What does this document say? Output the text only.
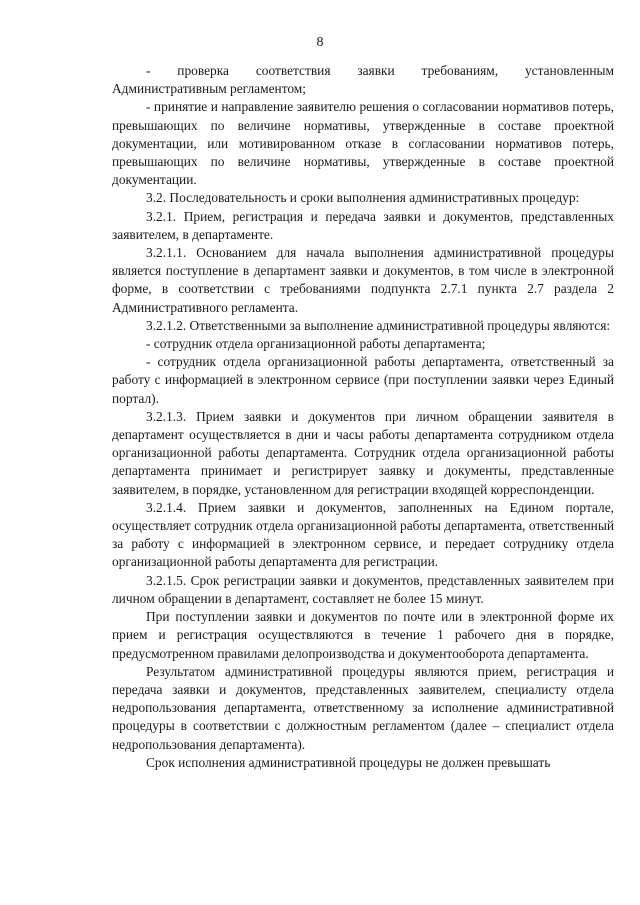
8

- проверка соответствия заявки требованиям, установленным Административным регламентом;

- принятие и направление заявителю решения о согласовании нормативов потерь, превышающих по величине нормативы, утвержденные в составе проектной документации, или мотивированном отказе в согласовании нормативов потерь, превышающих по величине нормативы, утвержденные в составе проектной документации.

3.2. Последовательность и сроки выполнения административных процедур:

3.2.1. Прием, регистрация и передача заявки и документов, представленных заявителем, в департаменте.

3.2.1.1. Основанием для начала выполнения административной процедуры является поступление в департамент заявки и документов, в том числе в электронной форме, в соответствии с требованиями подпункта 2.7.1 пункта 2.7 раздела 2 Административного регламента.

3.2.1.2. Ответственными за выполнение административной процедуры являются:

- сотрудник отдела организационной работы департамента;

- сотрудник отдела организационной работы департамента, ответственный за работу с информацией в электронном сервисе (при поступлении заявки через Единый портал).

3.2.1.3. Прием заявки и документов при личном обращении заявителя в департамент осуществляется в дни и часы работы департамента сотрудником отдела организационной работы департамента. Сотрудник отдела организационной работы департамента принимает и регистрирует заявку и документы, представленные заявителем, в порядке, установленном для регистрации входящей корреспонденции.

3.2.1.4. Прием заявки и документов, заполненных на Едином портале, осуществляет сотрудник отдела организационной работы департамента, ответственный за работу с информацией в электронном сервисе, и передает сотруднику отдела организационной работы департамента для регистрации.

3.2.1.5. Срок регистрации заявки и документов, представленных заявителем при личном обращении в департамент, составляет не более 15 минут.

При поступлении заявки и документов по почте или в электронной форме их прием и регистрация осуществляются в течение 1 рабочего дня в порядке, предусмотренном правилами делопроизводства и документооборота департамента.

Результатом административной процедуры являются прием, регистрация и передача заявки и документов, представленных заявителем, специалисту отдела недропользования департамента, ответственному за исполнение административной процедуры в соответствии с должностным регламентом (далее – специалист отдела недропользования департамента).

Срок исполнения административной процедуры не должен превышать
